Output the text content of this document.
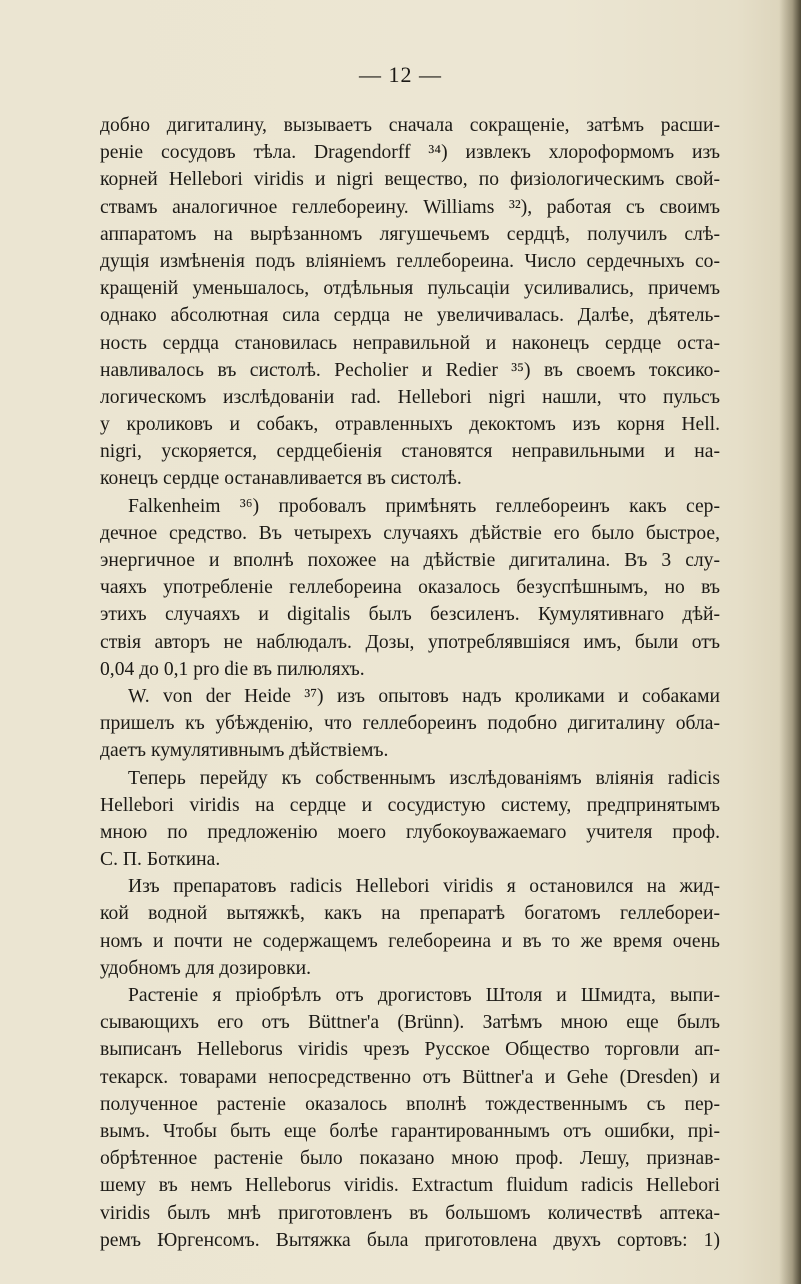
— 12 —
добно дигиталину, вызываетъ сначала сокращеніе, затѣмъ расши-
реніе сосудовъ тѣла. Dragendorff ³⁴) извлекъ хлороформомъ изъ
корней Helleborі virіdis и nigri вещество, по физіологическимъ свой-
ствамъ аналогичное геллебореину. Williams ³²), работая съ своимъ
аппаратомъ на вырѣзанномъ лягушечьемъ сердцѣ, получилъ слѣ-
дущія измѣненія подъ вліяніемъ геллебореина. Число сердечныхъ со-
кращеній уменьшалось, отдѣльныя пульсаціи усиливались, причемъ
однако абсолютная сила сердца не увеличивалась. Далѣе, дѣятель-
ность сердца становилась неправильной и наконецъ сердце оста-
навливалось въ систолѣ. Pecholier и Redier ³⁵) въ своемъ токсико-
логическомъ изслѣдованіи rad. Helleborі nigri нашли, что пульсъ
у кроликовъ и собакъ, отравленныхъ декоктомъ изъ корня Hell.
nigri, ускоряется, сердцебіенія становятся неправильными и на-
конецъ сердце останавливается въ систолѣ.
Falkenheim ³⁶) пробовалъ примѣнять геллебореинъ какъ сер-
дечное средство. Въ четырехъ случаяхъ дѣйствіе его было быстрое,
энергичное и вполнѣ похожее на дѣйствіе дигиталина. Въ 3 слу-
чаяхъ употребленіе геллебореина оказалось безуспѣшнымъ, но въ
этихъ случаяхъ и digitalis былъ безсиленъ. Кумулятивнаго дѣй-
ствія авторъ не наблюдалъ. Дозы, употреблявшіяся имъ, были отъ
0,04 до 0,1 pro die въ пилюляхъ.
W. von der Heide ³⁷) изъ опытовъ надъ кроликами и собаками
пришелъ къ убѣжденію, что геллебореинъ подобно дигиталину обла-
даетъ кумулятивнымъ дѣйствіемъ.
Теперь перейду къ собственнымъ изслѣдованіямъ вліянія radicis
Hellebori viridis на сердце и сосудистую систему, предпринятымъ
мною по предложенію моего глубокоуважаемаго учителя проф.
С. П. Боткина.
Изъ препаратовъ radicis Hellebori viridis я остановился на жид-
кой водной вытяжкѣ, какъ на препаратѣ богатомъ геллебореи-
номъ и почти не содержащемъ гелебореина и въ то же время очень
удобномъ для дозировки.
Растеніе я пріобрѣлъ отъ дрогистовъ Штоля и Шмидта, выпи-
сывающихъ его отъ Büttner'а (Brünn). Затѣмъ мною еще былъ
выписанъ Helleborus viridis чрезъ Русское Общество торговли ап-
текарск. товарами непосредственно отъ Büttner'а и Gehe (Dresden) и
полученное растеніе оказалось вполнѣ тождественнымъ съ пер-
вымъ. Чтобы быть еще болѣе гарантированнымъ отъ ошибки, прі-
обрѣтенное растеніе было показано мною проф. Лешу, признав-
шему въ немъ Helleborus viridis. Extractum fluidum radicis Hellebori
viridis былъ мнѣ приготовленъ въ большомъ количествѣ аптека-
ремъ Юргенсомъ. Вытяжка была приготовлена двухъ сортовъ: 1)
